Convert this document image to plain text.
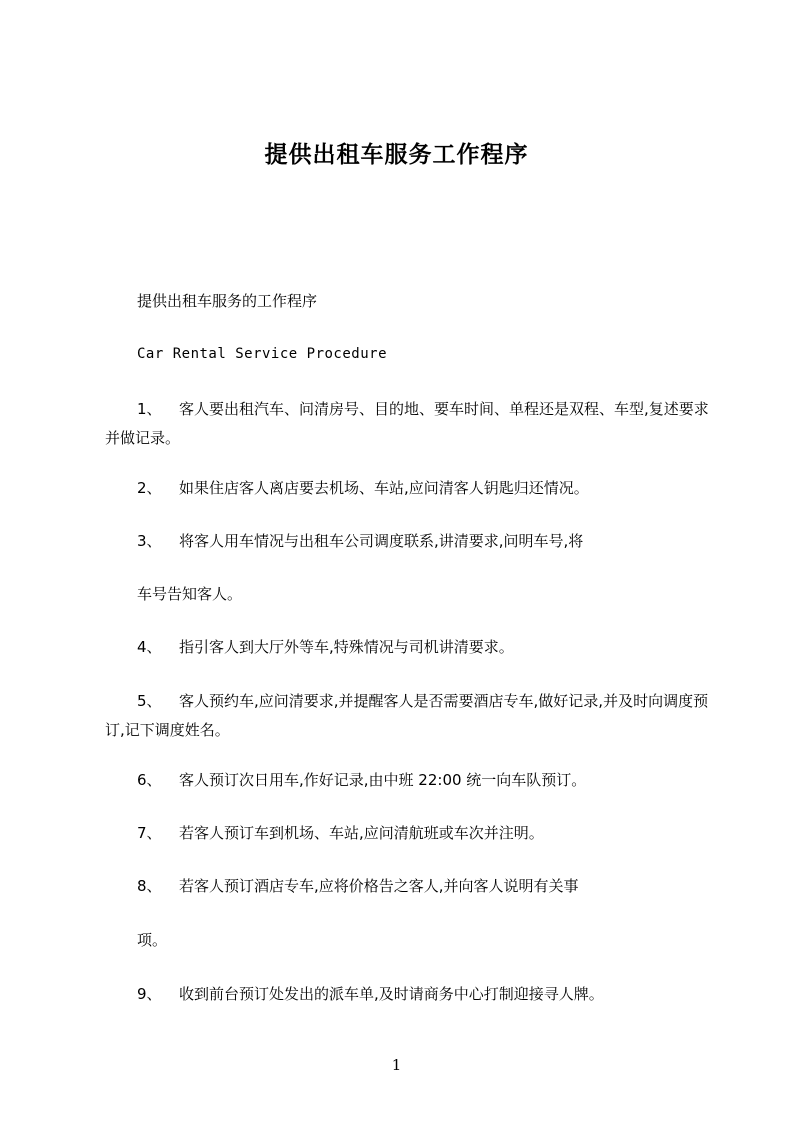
提供出租车服务工作程序
提供出租车服务的工作程序
Car Rental Service Procedure
1、 客人要出租汽车、问清房号、目的地、要车时间、单程还是双程、车型,复述要求并做记录。
2、 如果住店客人离店要去机场、车站,应问清客人钥匙归还情况。
3、 将客人用车情况与出租车公司调度联系,讲清要求,问明车号,将
车号告知客人。
4、 指引客人到大厅外等车,特殊情况与司机讲清要求。
5、 客人预约车,应问清要求,并提醒客人是否需要酒店专车,做好记录,并及时向调度预订,记下调度姓名。
6、 客人预订次日用车,作好记录,由中班 22:00 统一向车队预订。
7、 若客人预订车到机场、车站,应问清航班或车次并注明。
8、 若客人预订酒店专车,应将价格告之客人,并向客人说明有关事
项。
9、 收到前台预订处发出的派车单,及时请商务中心打制迎接寻人牌。
1
